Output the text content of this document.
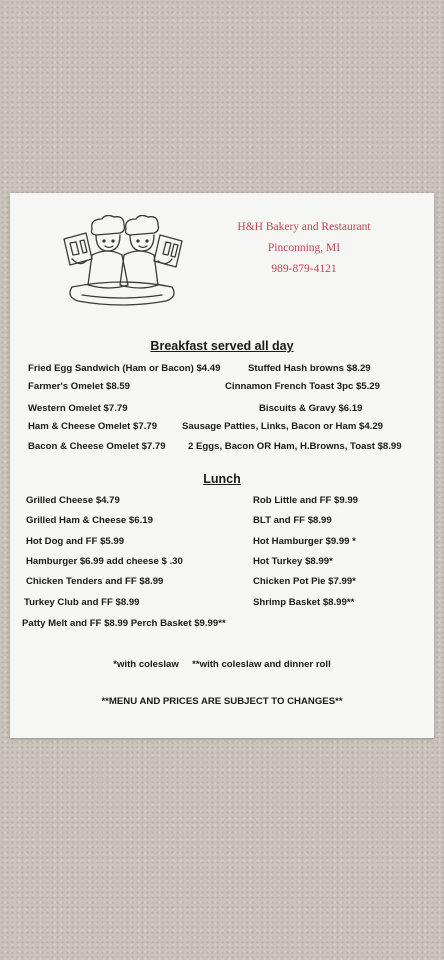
H&H Bakery and Restaurant
Pinconning, MI
989-879-4121
Breakfast served all day
Fried Egg Sandwich (Ham or Bacon) $4.49
Farmer's Omelet $8.59
Western Omelet $7.79
Ham & Cheese Omelet $7.79
Bacon & Cheese Omelet $7.79
Stuffed Hash browns $8.29
Cinnamon French Toast 3pc $5.29
Biscuits & Gravy $6.19
Sausage Patties, Links, Bacon or Ham $4.29
2 Eggs, Bacon OR Ham, H.Browns, Toast $8.99
Lunch
Grilled Cheese $4.79
Grilled Ham & Cheese $6.19
Hot Dog and FF $5.99
Hamburger $6.99 add cheese $ .30
Chicken Tenders and FF $8.99
Turkey Club and FF $8.99
Patty Melt and FF $8.99 Perch Basket $9.99**
Rob Little and FF $9.99
BLT and FF $8.99
Hot Hamburger $9.99 *
Hot Turkey $8.99*
Chicken Pot Pie $7.99*
Shrimp Basket $8.99**
*with coleslaw     **with coleslaw and dinner roll
**MENU AND PRICES ARE SUBJECT TO CHANGES**
